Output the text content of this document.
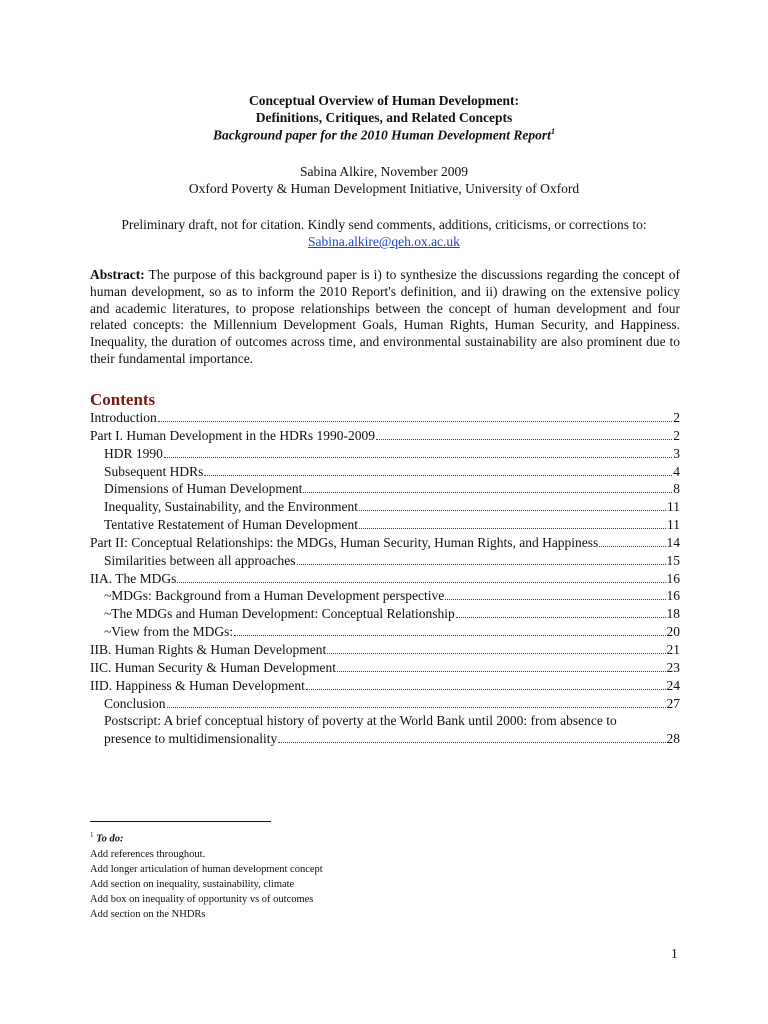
Conceptual Overview of Human Development:
Definitions, Critiques, and Related Concepts
Background paper for the 2010 Human Development Report$^1$
Sabina Alkire, November 2009
Oxford Poverty & Human Development Initiative, University of Oxford
Preliminary draft, not for citation. Kindly send comments, additions, criticisms, or corrections to:
Sabina.alkire@qeh.ox.ac.uk
Abstract: The purpose of this background paper is i) to synthesize the discussions regarding the concept of human development, so as to inform the 2010 Report's definition, and ii) drawing on the extensive policy and academic literatures, to propose relationships between the concept of human development and four related concepts: the Millennium Development Goals, Human Rights, Human Security, and Happiness. Inequality, the duration of outcomes across time, and environmental sustainability are also prominent due to their fundamental importance.
Contents
Introduction	2
Part I. Human Development in the HDRs 1990-2009	2
HDR 1990	3
Subsequent HDRs	4
Dimensions of Human Development	8
Inequality, Sustainability, and the Environment	11
Tentative Restatement of Human Development	11
Part II: Conceptual Relationships: the MDGs, Human Security, Human Rights, and Happiness	14
Similarities between all approaches	15
IIA. The MDGs	16
~MDGs: Background from a Human Development perspective	16
~The MDGs and Human Development: Conceptual Relationship	18
~View from the MDGs:	20
IIB. Human Rights & Human Development	21
IIC. Human Security & Human Development	23
IID. Happiness & Human Development	24
Conclusion	27
Postscript: A brief conceptual history of poverty at the World Bank until 2000: from absence to
presence to multidimensionality	28
$^1$ To do:
Add references throughout.
Add longer articulation of human development concept
Add section on inequality, sustainability, climate
Add box on inequality of opportunity vs of outcomes
Add section on the NHDRs
1
